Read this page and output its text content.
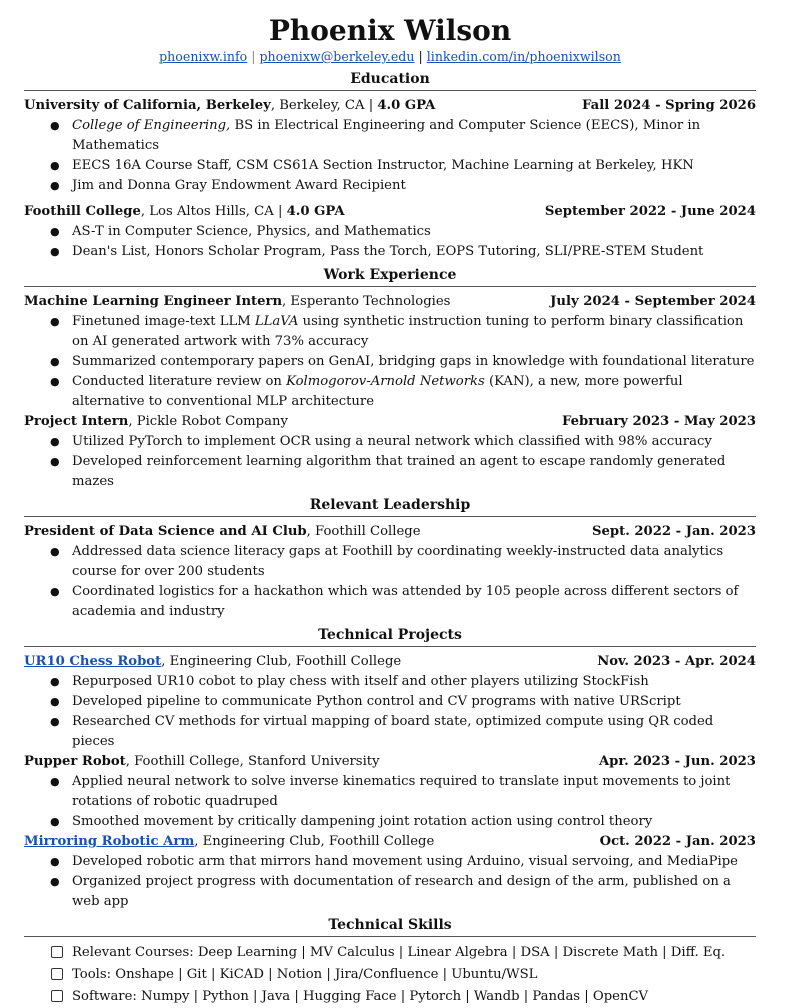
Phoenix Wilson
phoenixw.info | phoenixw@berkeley.edu | linkedin.com/in/phoenixwilson
Education
University of California, Berkeley, Berkeley, CA | 4.0 GPA	Fall 2024 - Spring 2026
● College of Engineering, BS in Electrical Engineering and Computer Science (EECS), Minor in Mathematics
● EECS 16A Course Staff, CSM CS61A Section Instructor, Machine Learning at Berkeley, HKN
● Jim and Donna Gray Endowment Award Recipient
Foothill College, Los Altos Hills, CA | 4.0 GPA	September 2022 - June 2024
● AS-T in Computer Science, Physics, and Mathematics
● Dean's List, Honors Scholar Program, Pass the Torch, EOPS Tutoring, SLI/PRE-STEM Student
Work Experience
Machine Learning Engineer Intern, Esperanto Technologies	July 2024 - September 2024
● Finetuned image-text LLM LLaVA using synthetic instruction tuning to perform binary classification on AI generated artwork with 73% accuracy
● Summarized contemporary papers on GenAI, bridging gaps in knowledge with foundational literature
● Conducted literature review on Kolmogorov-Arnold Networks (KAN), a new, more powerful alternative to conventional MLP architecture
Project Intern, Pickle Robot Company	February 2023 - May 2023
● Utilized PyTorch to implement OCR using a neural network which classified with 98% accuracy
● Developed reinforcement learning algorithm that trained an agent to escape randomly generated mazes
Relevant Leadership
President of Data Science and AI Club, Foothill College	Sept. 2022 - Jan. 2023
● Addressed data science literacy gaps at Foothill by coordinating weekly-instructed data analytics course for over 200 students
● Coordinated logistics for a hackathon which was attended by 105 people across different sectors of academia and industry
Technical Projects
UR10 Chess Robot, Engineering Club, Foothill College	Nov. 2023 - Apr. 2024
● Repurposed UR10 cobot to play chess with itself and other players utilizing StockFish
● Developed pipeline to communicate Python control and CV programs with native URScript
● Researched CV methods for virtual mapping of board state, optimized compute using QR coded pieces
Pupper Robot, Foothill College, Stanford University	Apr. 2023 - Jun. 2023
● Applied neural network to solve inverse kinematics required to translate input movements to joint rotations of robotic quadruped
● Smoothed movement by critically dampening joint rotation action using control theory
Mirroring Robotic Arm, Engineering Club, Foothill College	Oct. 2022 - Jan. 2023
● Developed robotic arm that mirrors hand movement using Arduino, visual servoing, and MediaPipe
● Organized project progress with documentation of research and design of the arm, published on a web app
Technical Skills
Relevant Courses: Deep Learning | MV Calculus | Linear Algebra | DSA | Discrete Math | Diff. Eq.
Tools: Onshape | Git | KiCAD | Notion | Jira/Confluence | Ubuntu/WSL
Software: Numpy | Python | Java | Hugging Face | Pytorch | Wandb | Pandas | OpenCV
